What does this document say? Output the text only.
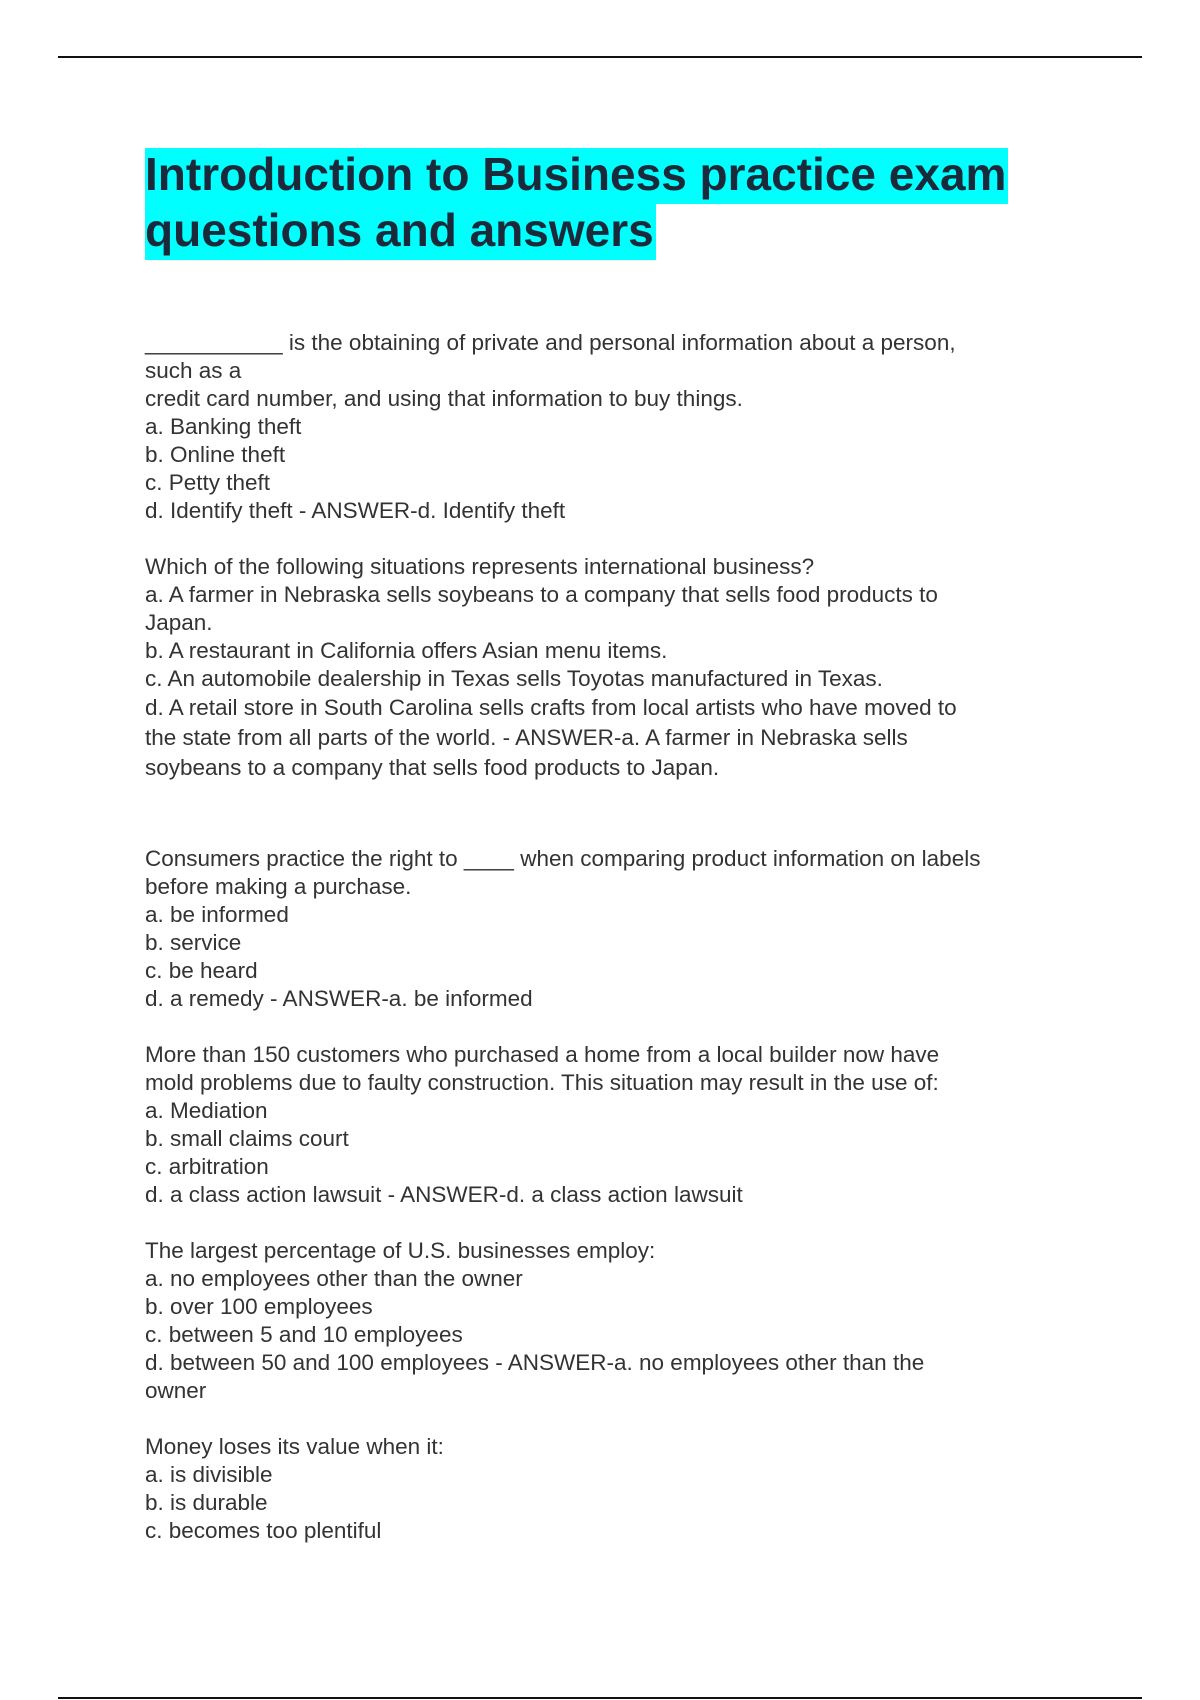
Introduction to Business practice exam
questions and answers
___________ is the obtaining of private and personal information about a person,
such as a
credit card number, and using that information to buy things.
a. Banking theft
b. Online theft
c. Petty theft
d. Identify theft - ANSWER-d. Identify theft
Which of the following situations represents international business?
a. A farmer in Nebraska sells soybeans to a company that sells food products to
Japan.
b. A restaurant in California offers Asian menu items.
c. An automobile dealership in Texas sells Toyotas manufactured in Texas.
d. A retail store in South Carolina sells crafts from local artists who have moved to
the state from all parts of the world. - ANSWER-a. A farmer in Nebraska sells
soybeans to a company that sells food products to Japan.
Consumers practice the right to ____ when comparing product information on labels
before making a purchase.
a. be informed
b. service
c. be heard
d. a remedy - ANSWER-a. be informed
More than 150 customers who purchased a home from a local builder now have
mold problems due to faulty construction. This situation may result in the use of:
a. Mediation
b. small claims court
c. arbitration
d. a class action lawsuit - ANSWER-d. a class action lawsuit
The largest percentage of U.S. businesses employ:
a. no employees other than the owner
b. over 100 employees
c. between 5 and 10 employees
d. between 50 and 100 employees - ANSWER-a. no employees other than the
owner
Money loses its value when it:
a. is divisible
b. is durable
c. becomes too plentiful
